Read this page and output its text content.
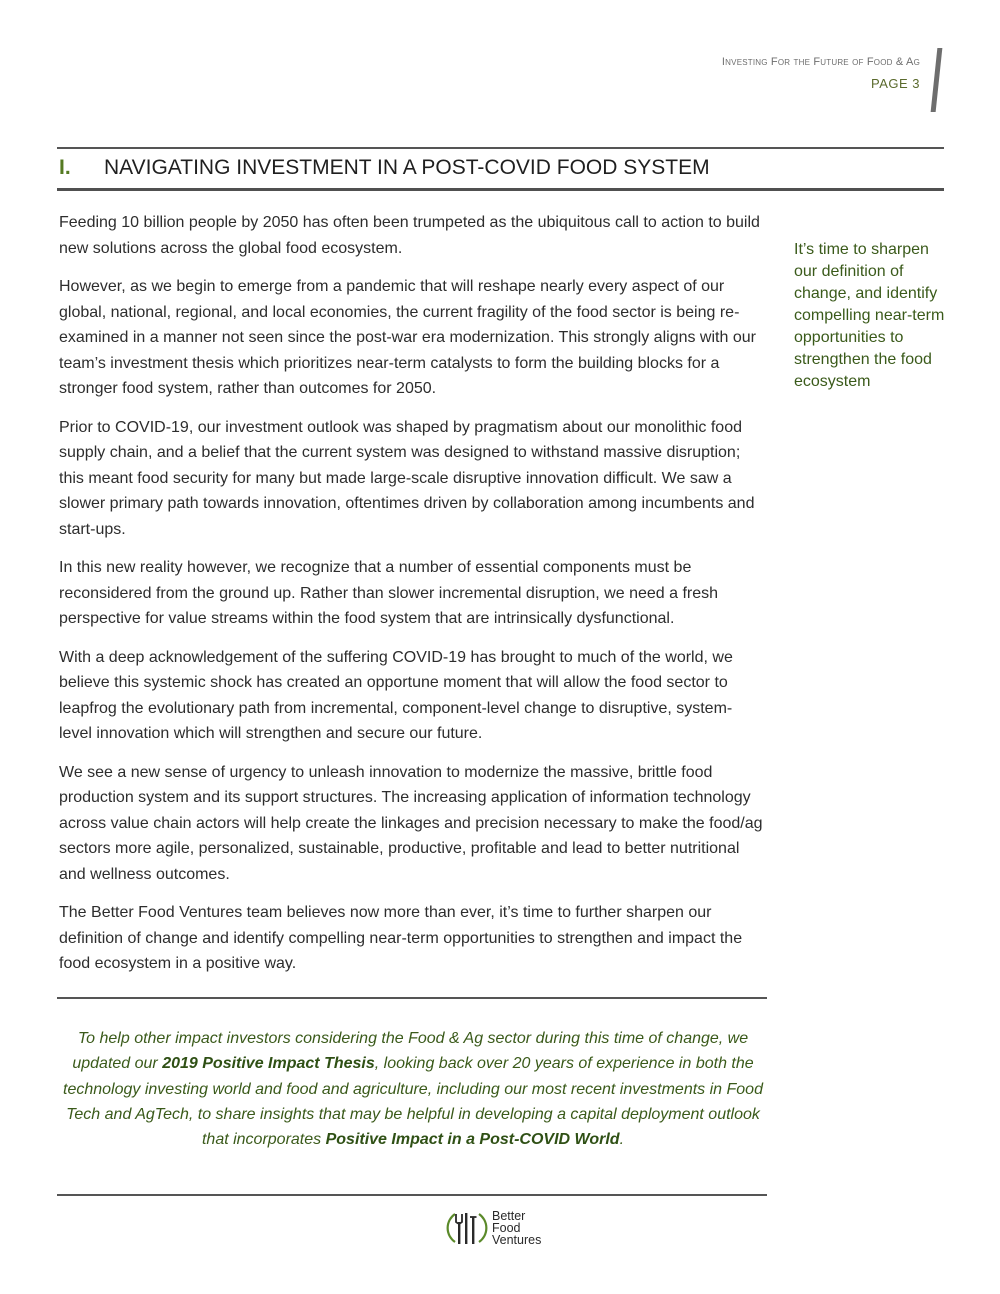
Investing For the Future of Food & Ag
PAGE 3
I.	NAVIGATING INVESTMENT IN A POST-COVID FOOD SYSTEM

Feeding 10 billion people by 2050 has often been trumpeted as the ubiquitous call to action to build new solutions across the global food ecosystem.

However, as we begin to emerge from a pandemic that will reshape nearly every aspect of our global, national, regional, and local economies, the current fragility of the food sector is being re-examined in a manner not seen since the post-war era modernization. This strongly aligns with our team’s investment thesis which prioritizes near-term catalysts to form the building blocks for a stronger food system, rather than outcomes for 2050.

Prior to COVID-19, our investment outlook was shaped by pragmatism about our monolithic food supply chain, and a belief that the current system was designed to withstand massive disruption; this meant food security for many but made large-scale disruptive innovation difficult. We saw a slower primary path towards innovation, oftentimes driven by collaboration among incumbents and start-ups.

In this new reality however, we recognize that a number of essential components must be reconsidered from the ground up. Rather than slower incremental disruption, we need a fresh perspective for value streams within the food system that are intrinsically dysfunctional.

With a deep acknowledgement of the suffering COVID-19 has brought to much of the world, we believe this systemic shock has created an opportune moment that will allow the food sector to leapfrog the evolutionary path from incremental, component-level change to disruptive, system-level innovation which will strengthen and secure our future.

We see a new sense of urgency to unleash innovation to modernize the massive, brittle food production system and its support structures. The increasing application of information technology across value chain actors will help create the linkages and precision necessary to make the food/ag sectors more agile, personalized, sustainable, productive, profitable and lead to better nutritional and wellness outcomes.

The Better Food Ventures team believes now more than ever, it’s time to further sharpen our definition of change and identify compelling near-term opportunities to strengthen and impact the food ecosystem in a positive way.

It’s time to sharpen our definition of change, and identify compelling near-term opportunities to strengthen the food ecosystem
To help other impact investors considering the Food & Ag sector during this time of change, we updated our 2019 Positive Impact Thesis, looking back over 20 years of experience in both the technology investing world and food and agriculture, including our most recent investments in Food Tech and AgTech, to share insights that may be helpful in developing a capital deployment outlook that incorporates Positive Impact in a Post-COVID World.
Better
Food
Ventures
